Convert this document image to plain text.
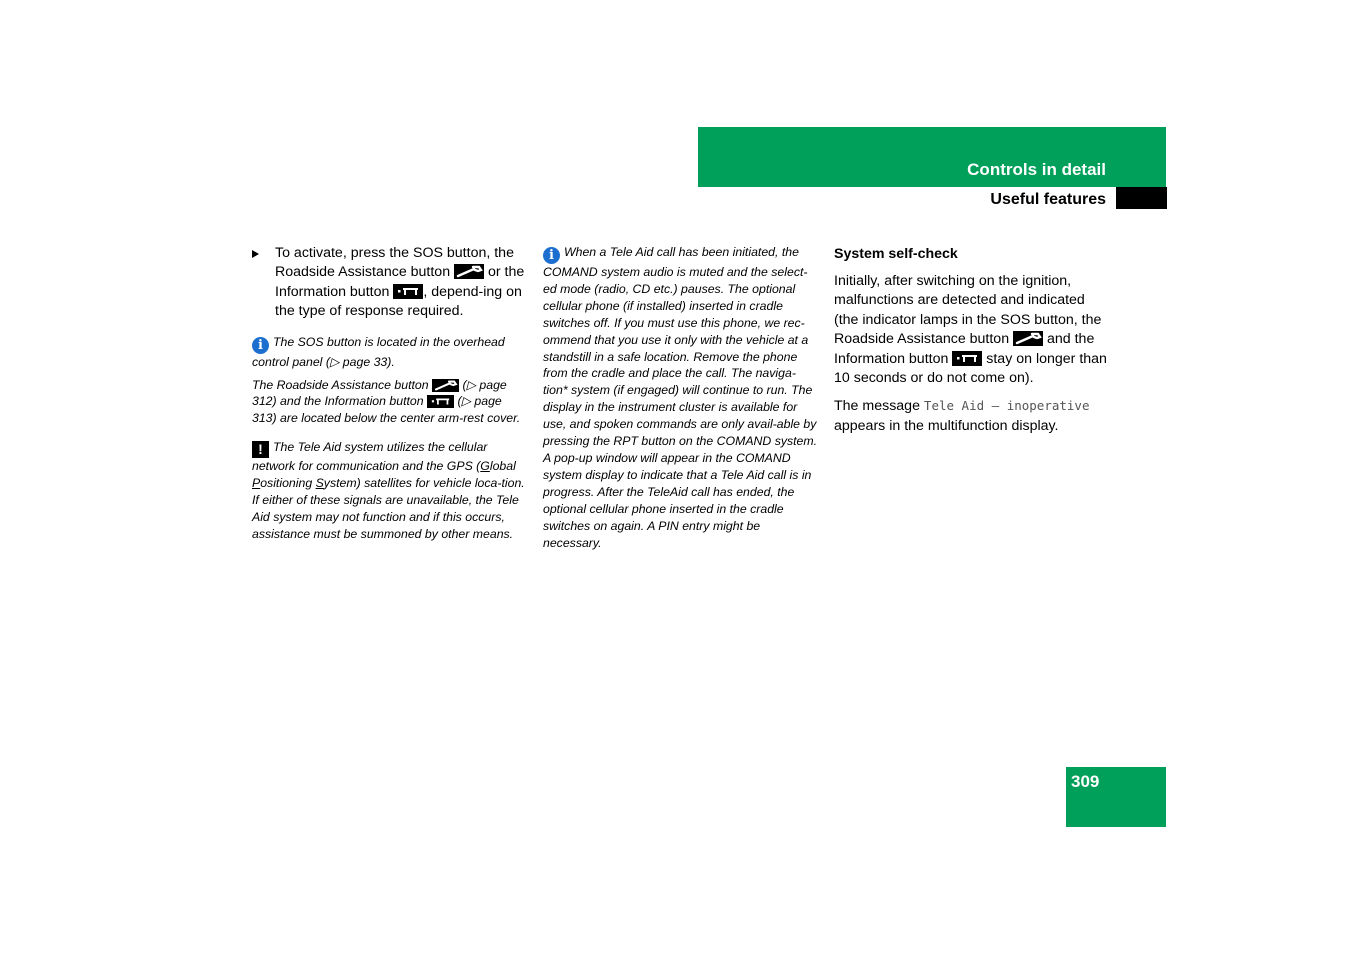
Controls in detail
Useful features

To activate, press the SOS button, the Roadside Assistance button	or the Information button , depend-ing on the type of response required.

i The SOS button is located in the overhead control panel (▷ page 33).

The Roadside Assistance button	(▷ page 312) and the Information button	(▷ page 313) are located below the center arm-rest cover.

! The Tele Aid system utilizes the cellular network for communication and the GPS (Global Positioning System) satellites for vehicle loca-tion. If either of these signals are unavailable, the Tele Aid system may not function and if this occurs, assistance must be summoned by other means.

i When a Tele Aid call has been initiated, the COMAND system audio is muted and the select-ed mode (radio, CD etc.) pauses. The optional cellular phone (if installed) inserted in cradle switches off. If you must use this phone, we rec-ommend that you use it only with the vehicle at a standstill in a safe location. Remove the phone from the cradle and place the call. The naviga-tion* system (if engaged) will continue to run. The display in the instrument cluster is available for use, and spoken commands are only avail-able by pressing the RPT button on the COMAND system. A pop-up window will appear in the COMAND system display to indicate that a Tele Aid call is in progress. After the TeleAid call has ended, the optional cellular phone inserted in the cradle switches on again. A PIN entry might be necessary.

System self-check

Initially, after switching on the ignition, malfunctions are detected and indicated (the indicator lamps in the SOS button, the Roadside Assistance button	and the Information button	stay on longer than 10 seconds or do not come on).

The message Tele Aid – inoperative appears in the multifunction display.

309
